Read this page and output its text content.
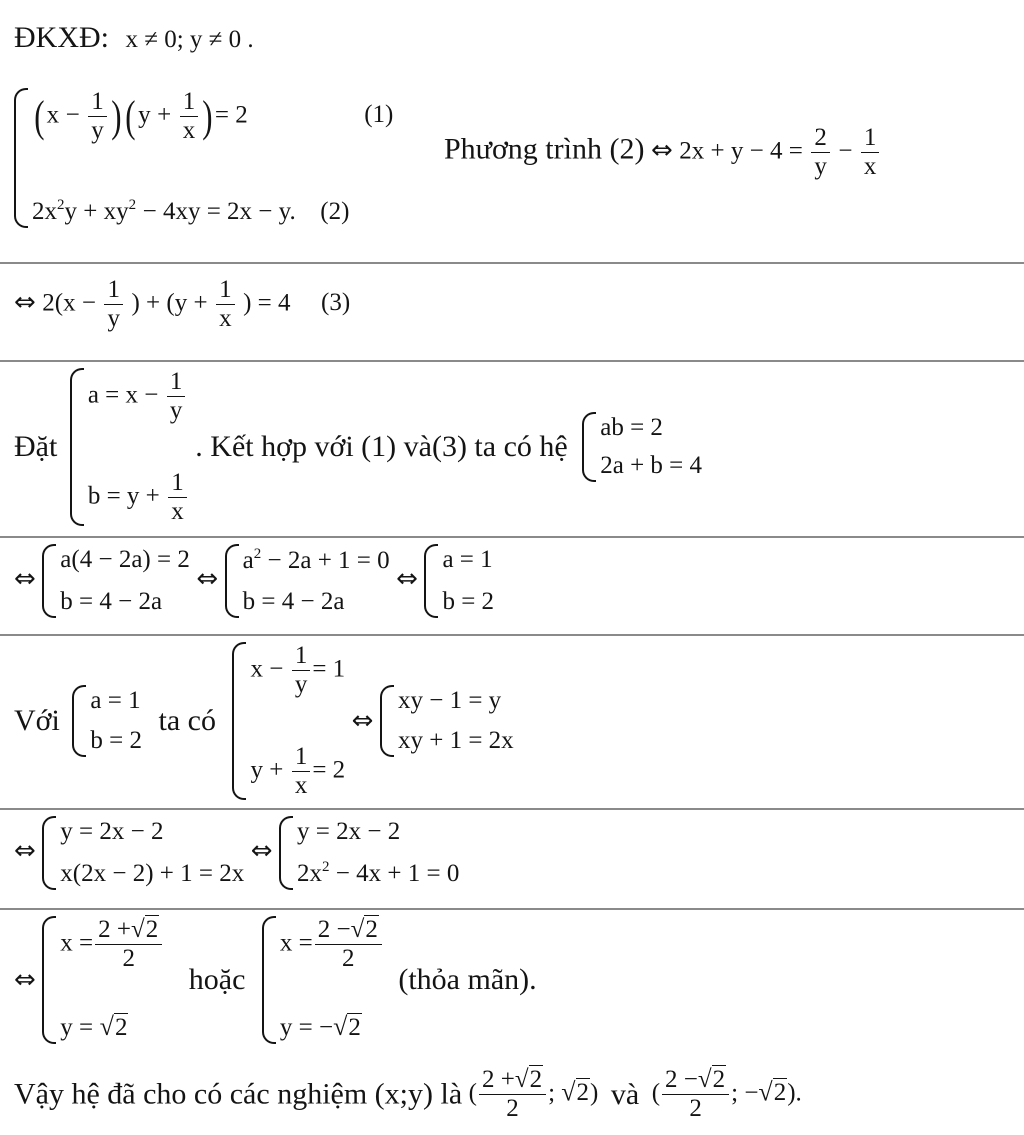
ĐKXĐ: x ≠ 0; y ≠ 0 .
$(x - \frac{1}{y} )(y + \frac{1}{x}$ )= 2	(1)
$2x^2y + xy^2 - 4xy = 2x - y$. (2)
Phương trình (2) ⇔ $2x + y - 4 = \frac{2}{y} - \frac{1}{x}$
⇔ $2(x - \frac{1}{y}$ ) + ($y + \frac{1}{x}$ ) = 4 (3)
Đặt
$a = x - \frac{1}{y}$
$b = y + \frac{1}{x}$
. Kết hợp với (1) và(3) ta có hệ
ab = 2
2a + b = 4
⇔
a(4 − 2a) = 2
b = 4 − 2a
⇔
$a^2 - 2a + 1 = 0$
b = 4 − 2a
⇔
a = 1
b = 2
Với
a = 1
b = 2
ta có
$x - \frac{1}{y} = 1$
$y + \frac{1}{x} = 2$
⇔
xy − 1 = y
xy + 1 = 2x
⇔
y = 2x − 2
x(2x − 2) + 1 = 2x
⇔
y = 2x − 2
$2x^2 - 4x + 1 = 0$
⇔
$x = \frac{2 +√2}{2}$
y = √2
hoặc
$x = \frac{2 -√2}{2}$
y = −√2
(thỏa mãn).
Vậy hệ đã cho có các nghiệm (x;y) là ( $\frac{2 +√2}{2}$ ; √2) và ( $\frac{2 -√2}{2}$ ; −√2).
